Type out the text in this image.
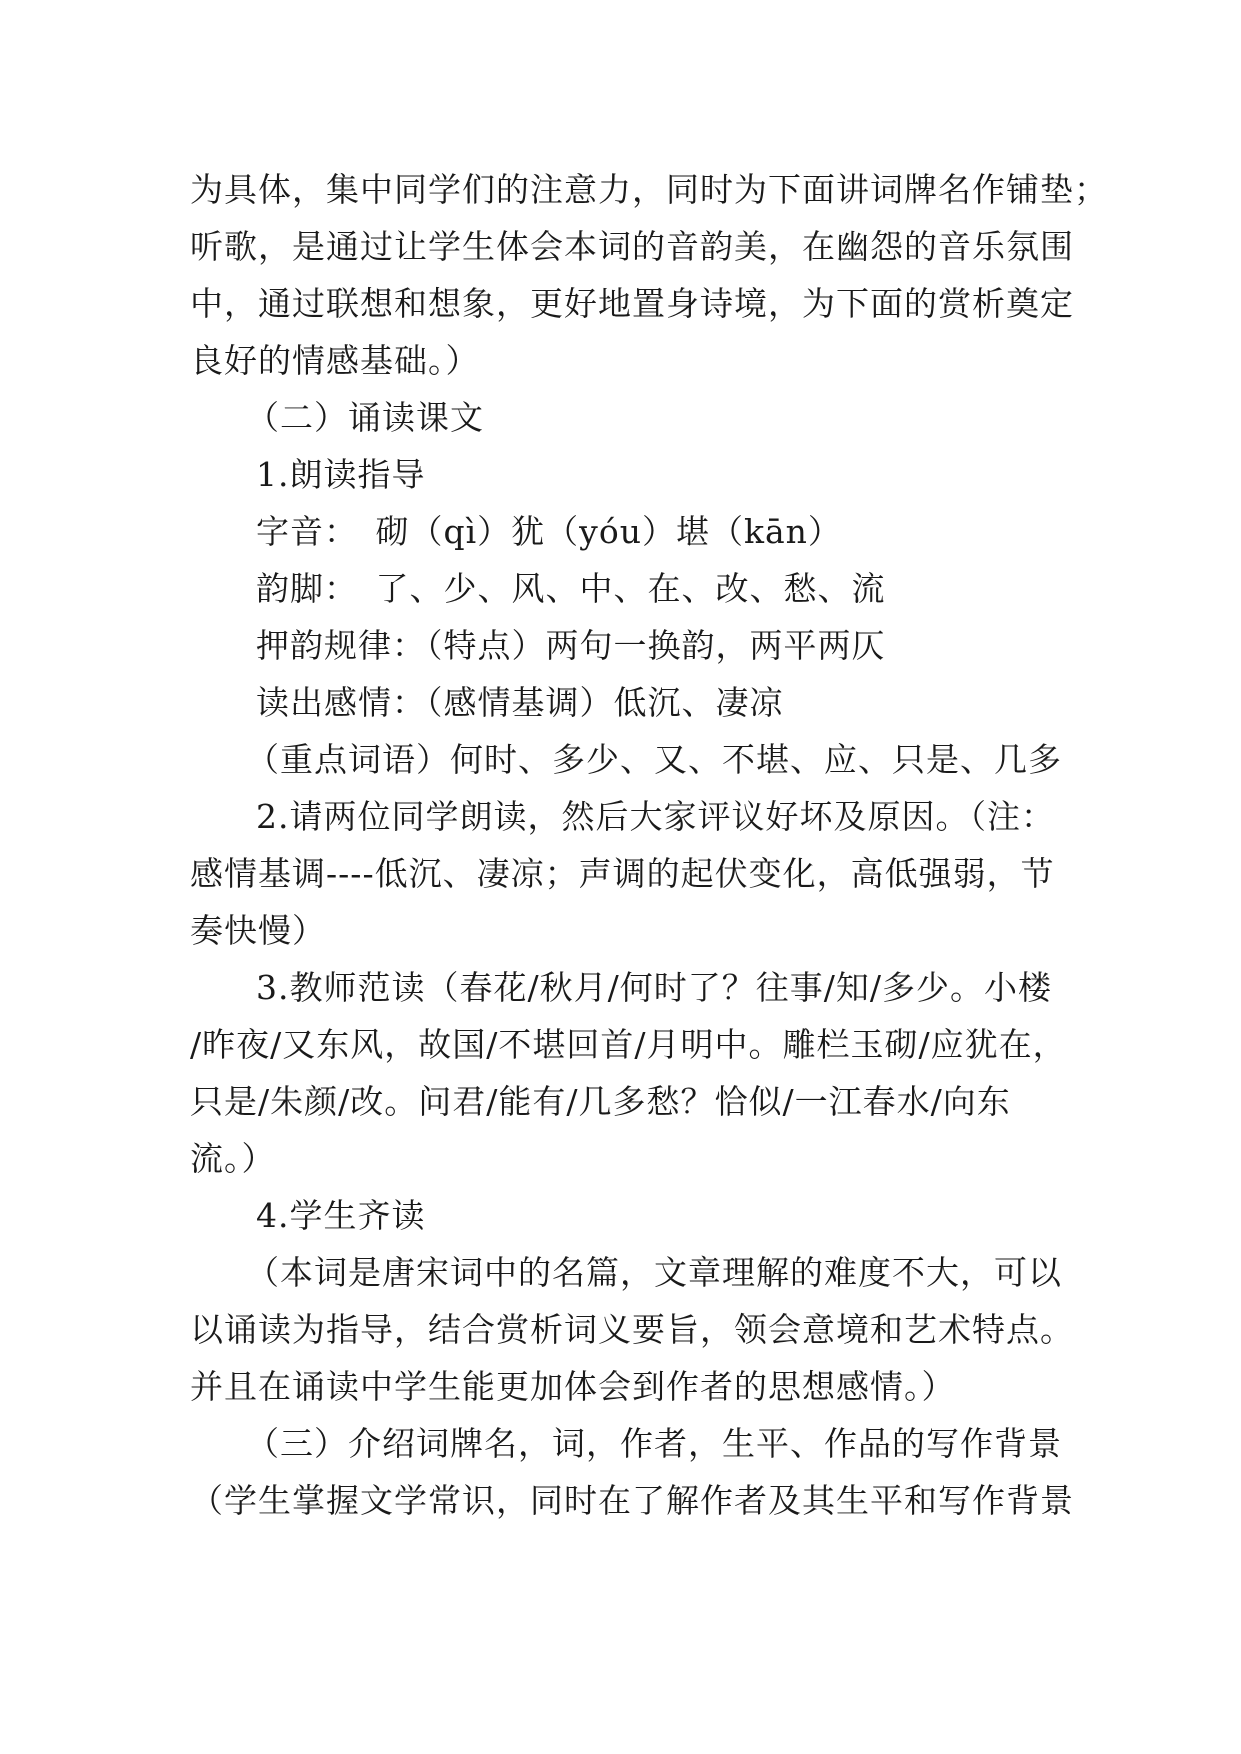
为具体，集中同学们的注意力，同时为下面讲词牌名作铺垫；
听歌，是通过让学生体会本词的音韵美，在幽怨的音乐氛围
中，通过联想和想象，更好地置身诗境，为下面的赏析奠定
良好的情感基础。）
（二）诵读课文
1.朗读指导
字音：　砌（qì）犹（yóu）堪（kān）
韵脚：　了、少、风、中、在、改、愁、流
押韵规律：（特点）两句一换韵，两平两仄
读出感情：（感情基调）低沉、凄凉
（重点词语）何时、多少、又、不堪、应、只是、几多
2.请两位同学朗读，然后大家评议好坏及原因。（注：
感情基调----低沉、凄凉；声调的起伏变化，高低强弱，节
奏快慢）
3.教师范读（春花/秋月/何时了？往事/知/多少。小楼
/昨夜/又东风，故国/不堪回首/月明中。雕栏玉砌/应犹在，
只是/朱颜/改。问君/能有/几多愁？恰似/一江春水/向东
流。）
4.学生齐读
（本词是唐宋词中的名篇，文章理解的难度不大，可以
以诵读为指导，结合赏析词义要旨，领会意境和艺术特点。
并且在诵读中学生能更加体会到作者的思想感情。）
（三）介绍词牌名，词，作者，生平、作品的写作背景
（学生掌握文学常识，同时在了解作者及其生平和写作背景
